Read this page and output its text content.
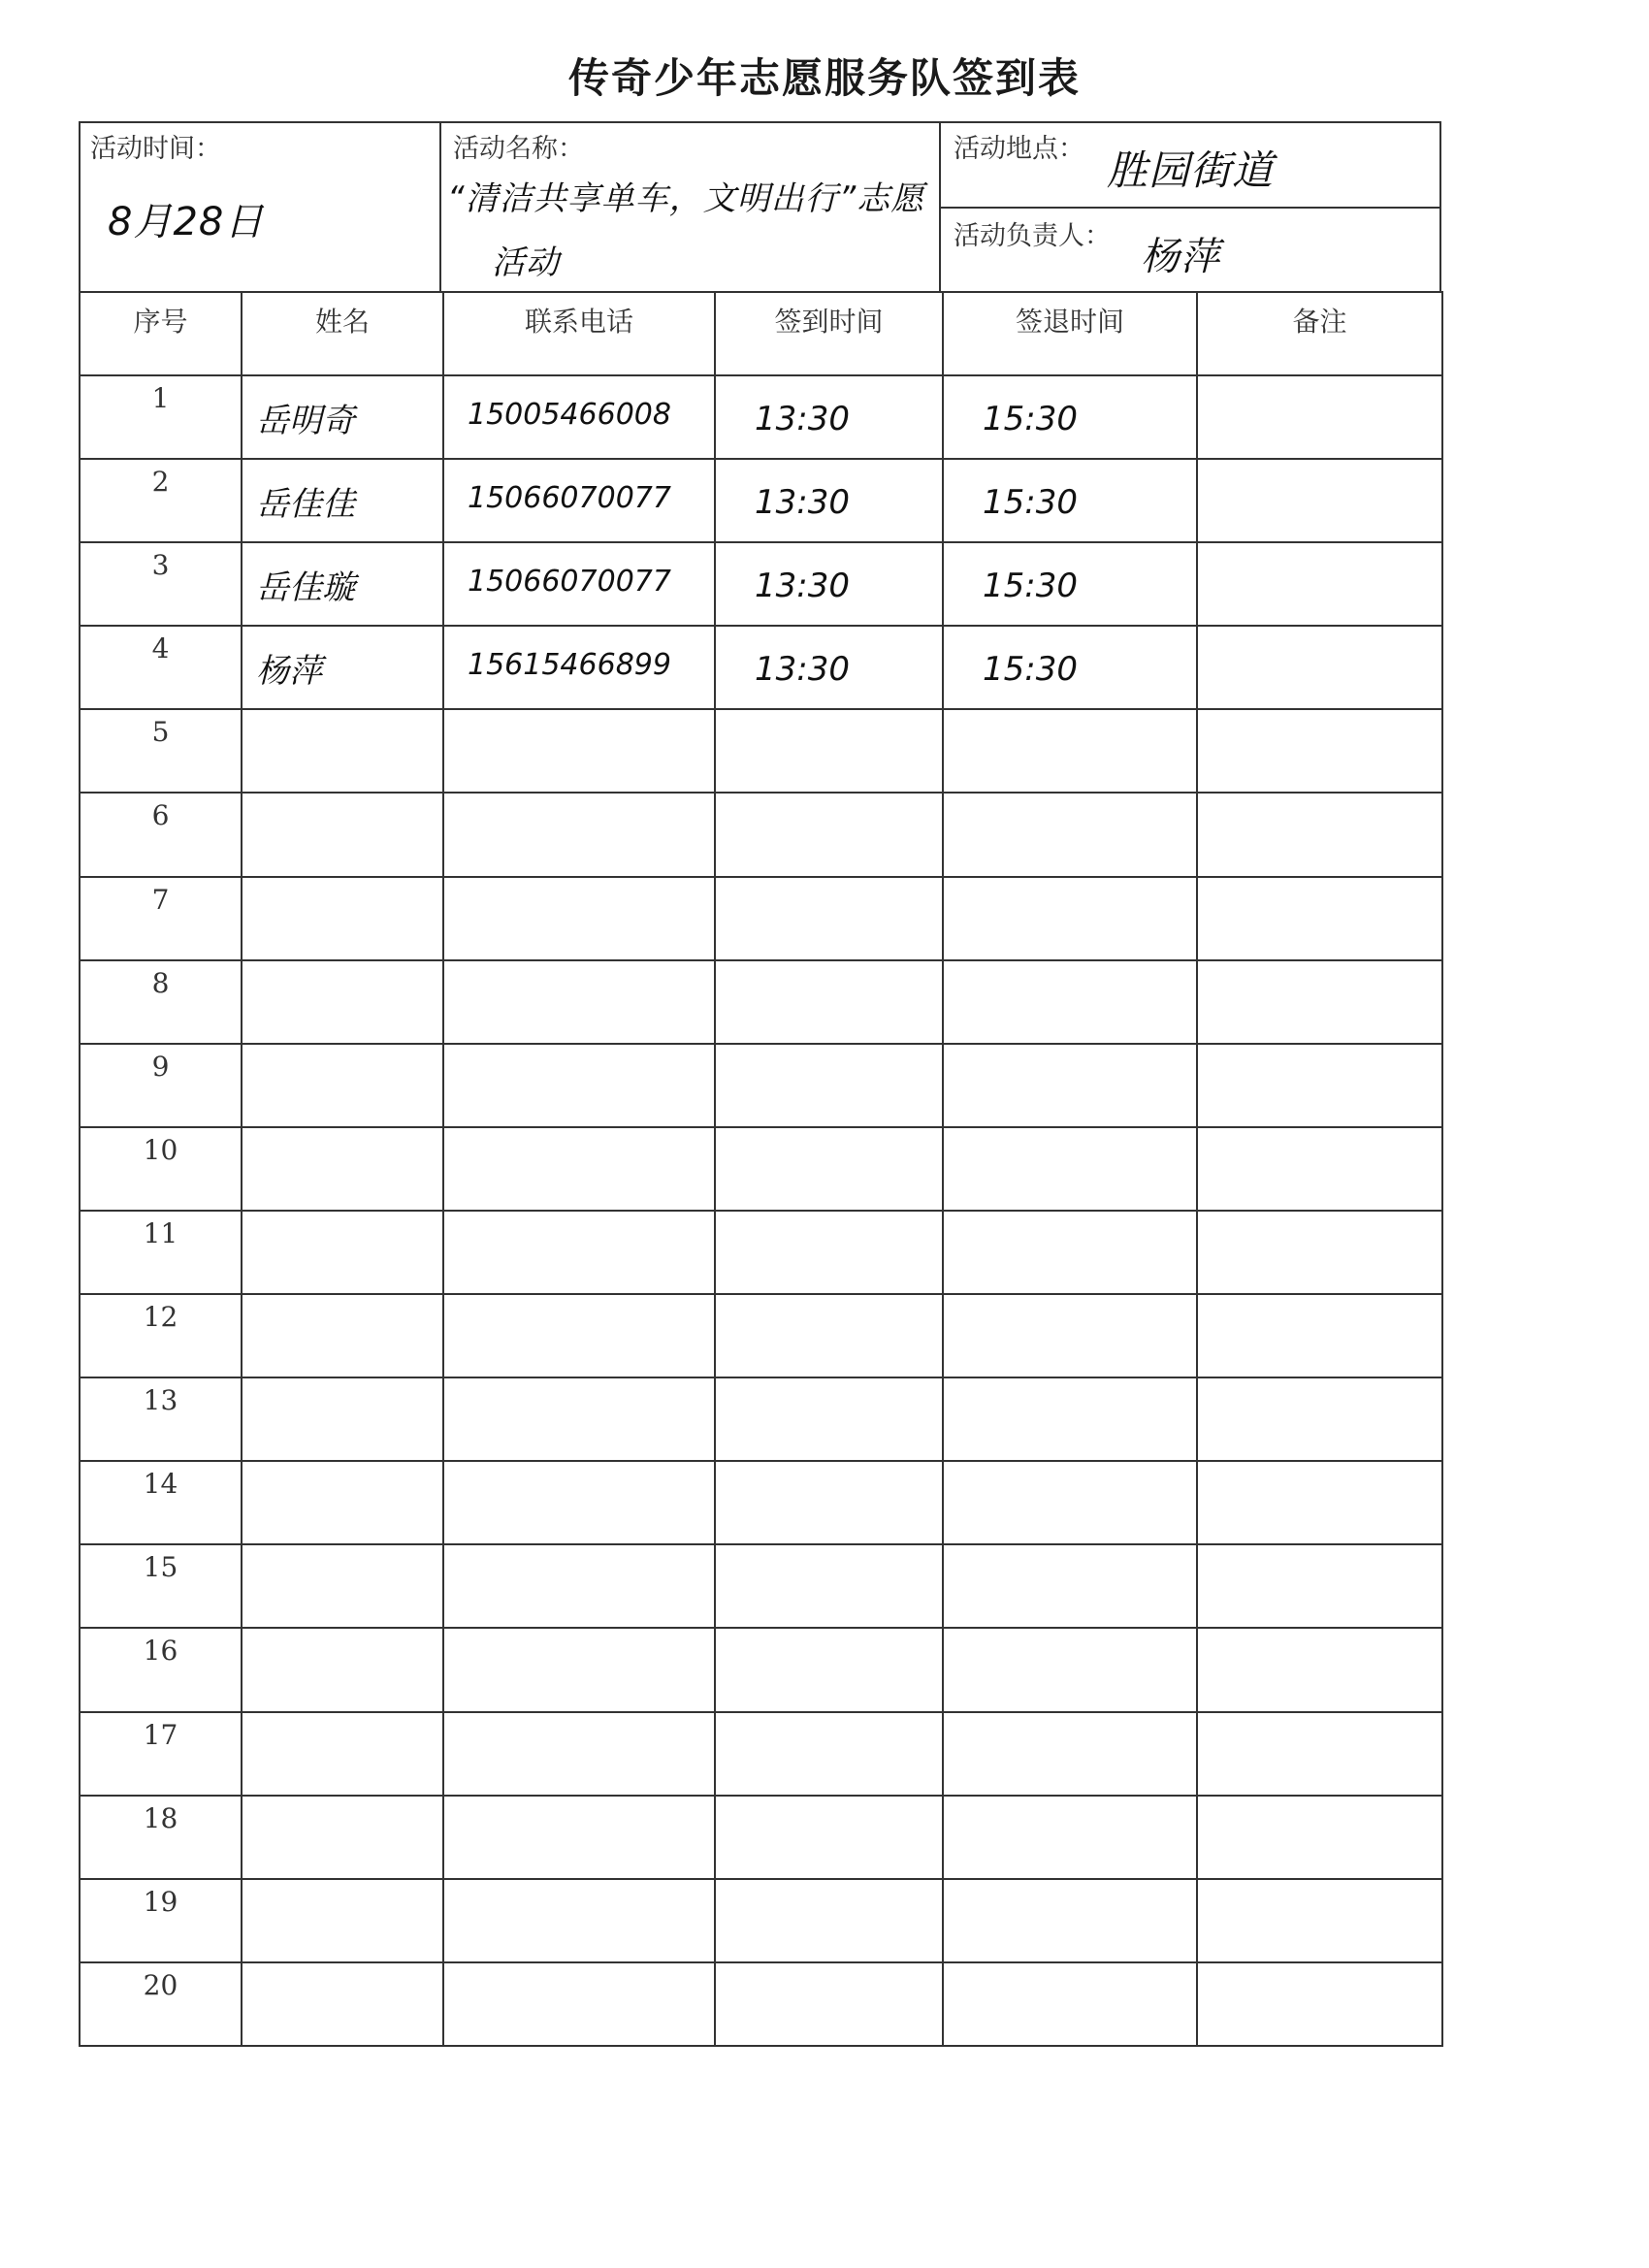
传奇少年志愿服务队签到表
活动时间：
8月28日
活动名称：
“清洁共享单车，文明出行”志愿
活动
活动地点： 胜园街道
活动负责人： 杨萍
序号	姓名	联系电话	签到时间	签退时间	备注

1	岳明奇	15005466008	13:30	15:30	

2	岳佳佳	15066070077	13:30	15:30	

3	岳佳璇	15066070077	13:30	15:30	

4	杨萍	15615466899	13:30	15:30	

5					

6					

7					

8					

9					

10					

11					

12					

13					

14					

15					

16					

17					

18					

19					

20					
